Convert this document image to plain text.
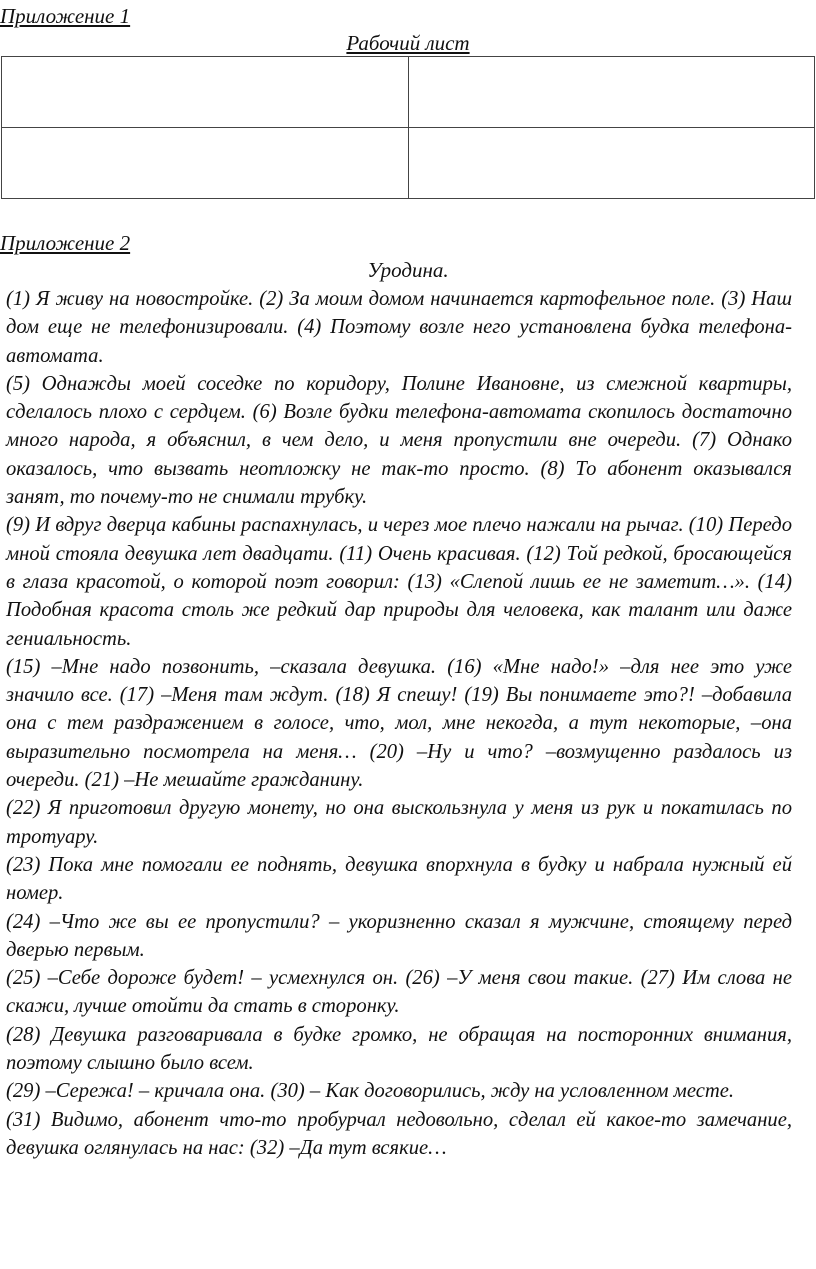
Приложение 1
Рабочий лист

Приложение 2
Уродина.

(1) Я живу на новостройке. (2) За моим домом начинается картофельное поле. (3) Наш дом еще не телефонизировали. (4) Поэтому возле него установлена будка телефона-автомата.

(5) Однажды моей соседке по коридору, Полине Ивановне, из смежной квартиры, сделалось плохо с сердцем. (6) Возле будки телефона-автомата скопилось достаточно много народа, я объяснил, в чем дело, и меня пропустили вне очереди. (7) Однако оказалось, что вызвать неотложку не так-то просто. (8) То абонент оказывался занят, то почему-то не снимали трубку.

(9) И вдруг дверца кабины распахнулась, и через мое плечо нажали на рычаг. (10) Передо мной стояла девушка лет двадцати. (11) Очень красивая. (12) Той редкой, бросающейся в глаза красотой, о которой поэт говорил: (13) «Слепой лишь ее не заметит…». (14) Подобная красота столь же редкий дар природы для человека, как талант или даже гениальность.

(15) –Мне надо позвонить, –сказала девушка. (16) «Мне надо!» –для нее это уже значило все. (17) –Меня там ждут. (18) Я спешу! (19) Вы понимаете это?! –добавила она с тем раздражением в голосе, что, мол, мне некогда, а тут некоторые, –она выразительно посмотрела на меня… (20) –Ну и что? –возмущенно раздалось из очереди. (21) –Не мешайте гражданину.

(22) Я приготовил другую монету, но она выскользнула у меня из рук и покатилась по тротуару.

(23) Пока мне помогали ее поднять, девушка впорхнула в будку и набрала нужный ей номер.

(24) –Что же вы ее пропустили? – укоризненно сказал я мужчине, стоящему перед дверью первым.

(25) –Себе дороже будет! – усмехнулся он. (26) –У меня свои такие. (27) Им слова не скажи, лучше отойти да стать в сторонку.

(28) Девушка разговаривала в будке громко, не обращая на посторонних внимания, поэтому слышно было всем.

(29) –Сережа! – кричала она. (30) – Как договорились, жду на условленном месте.

(31) Видимо, абонент что-то пробурчал недовольно, сделал ей какое-то замечание, девушка оглянулась на нас: (32) –Да тут всякие…
